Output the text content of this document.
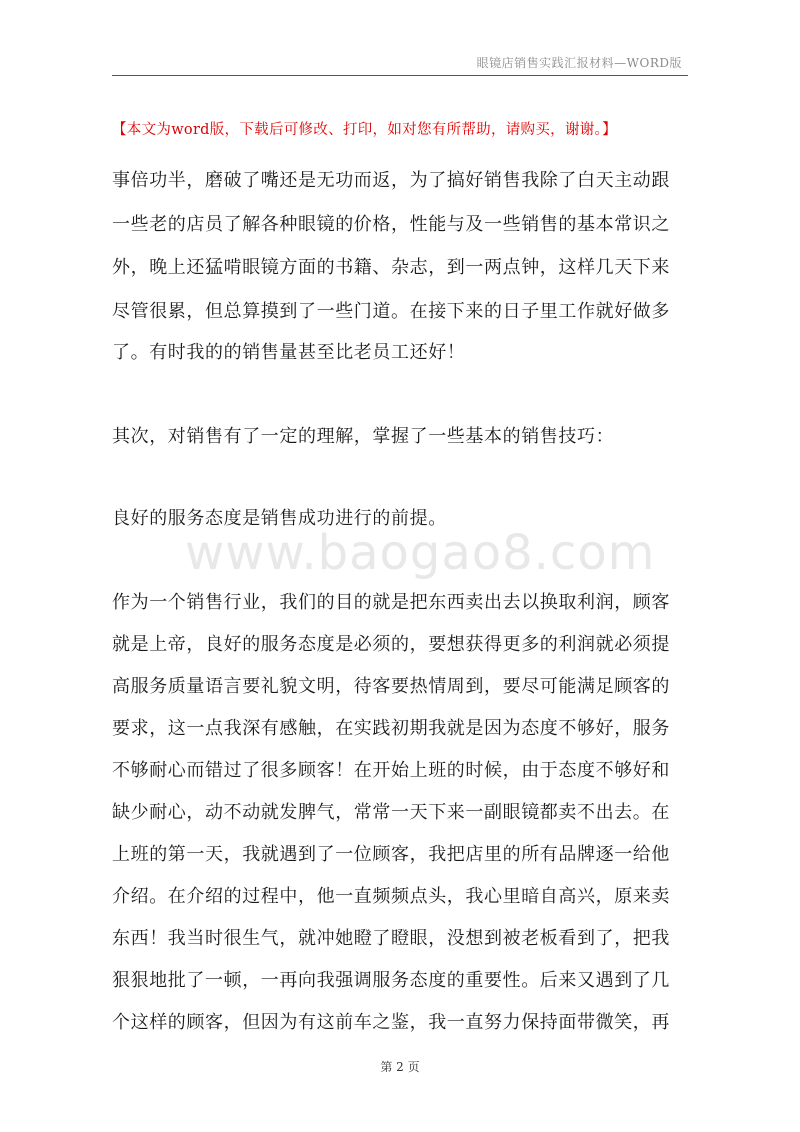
眼镜店销售实践汇报材料—WORD版
【本文为word版，下载后可修改、打印，如对您有所帮助，请购买，谢谢。】
www.baogao8.com
事倍功半，磨破了嘴还是无功而返，为了搞好销售我除了白天主动跟
一些老的店员了解各种眼镜的价格，性能与及一些销售的基本常识之
外，晚上还猛啃眼镜方面的书籍、杂志，到一两点钟，这样几天下来
尽管很累，但总算摸到了一些门道。在接下来的日子里工作就好做多
了。有时我的的销售量甚至比老员工还好！
其次，对销售有了一定的理解，掌握了一些基本的销售技巧：
良好的服务态度是销售成功进行的前提。
作为一个销售行业，我们的目的就是把东西卖出去以换取利润，顾客
就是上帝，良好的服务态度是必须的，要想获得更多的利润就必须提
高服务质量语言要礼貌文明，待客要热情周到，要尽可能满足顾客的
要求，这一点我深有感触，在实践初期我就是因为态度不够好，服务
不够耐心而错过了很多顾客！在开始上班的时候，由于态度不够好和
缺少耐心，动不动就发脾气，常常一天下来一副眼镜都卖不出去。在
上班的第一天，我就遇到了一位顾客，我把店里的所有品牌逐一给他
介绍。在介绍的过程中，他一直频频点头，我心里暗自高兴，原来卖
东西！我当时很生气，就冲她瞪了瞪眼，没想到被老板看到了，把我
狠狠地批了一顿，一再向我强调服务态度的重要性。后来又遇到了几
个这样的顾客，但因为有这前车之鉴，我一直努力保持面带微笑，再
第 2 页
